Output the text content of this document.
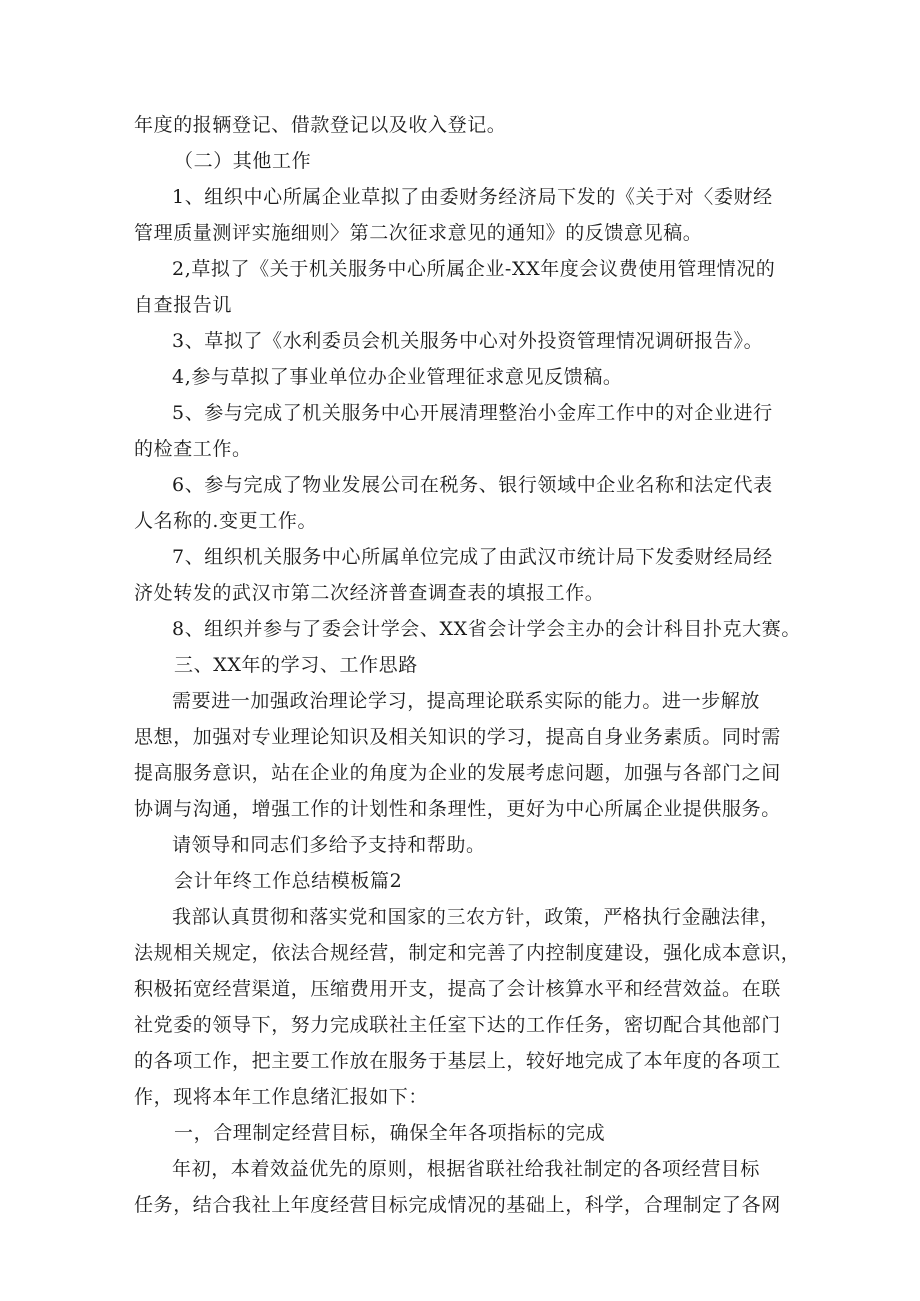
年度的报辆登记、借款登记以及收入登记。
（二）其他工作
1、组织中心所属企业草拟了由委财务经济局下发的《关于对〈委财经
管理质量测评实施细则〉第二次征求意见的通知》的反馈意见稿。
2,草拟了《关于机关服务中心所属企业-XX年度会议费使用管理情况的
自查报告讥
3、草拟了《水利委员会机关服务中心对外投资管理情况调研报告》。
4,参与草拟了事业单位办企业管理征求意见反馈稿。
5、参与完成了机关服务中心开展清理整治小金库工作中的对企业进行
的检查工作。
6、参与完成了物业发展公司在税务、银行领域中企业名称和法定代表
人名称的.变更工作。
7、组织机关服务中心所属单位完成了由武汉市统计局下发委财经局经
济处转发的武汉市第二次经济普查调查表的填报工作。
8、组织并参与了委会计学会、XX省会计学会主办的会计科目扑克大赛。
三、XX年的学习、工作思路
需要进一加强政治理论学习，提高理论联系实际的能力。进一步解放
思想，加强对专业理论知识及相关知识的学习，提高自身业务素质。同时需
提高服务意识，站在企业的角度为企业的发展考虑问题，加强与各部门之间
协调与沟通，增强工作的计划性和条理性，更好为中心所属企业提供服务。
请领导和同志们多给予支持和帮助。
会计年终工作总结模板篇2
我部认真贯彻和落实党和国家的三农方针，政策，严格执行金融法律，
法规相关规定，依法合规经营，制定和完善了内控制度建设，强化成本意识，
积极拓宽经营渠道，压缩费用开支，提高了会计核算水平和经营效益。在联
社党委的领导下，努力完成联社主任室下达的工作任务，密切配合其他部门
的各项工作，把主要工作放在服务于基层上，较好地完成了本年度的各项工
作，现将本年工作息绪汇报如下：
一，合理制定经营目标，确保全年各项指标的完成
年初，本着效益优先的原则，根据省联社给我社制定的各项经营目标
任务，结合我社上年度经营目标完成情况的基础上，科学，合理制定了各网
